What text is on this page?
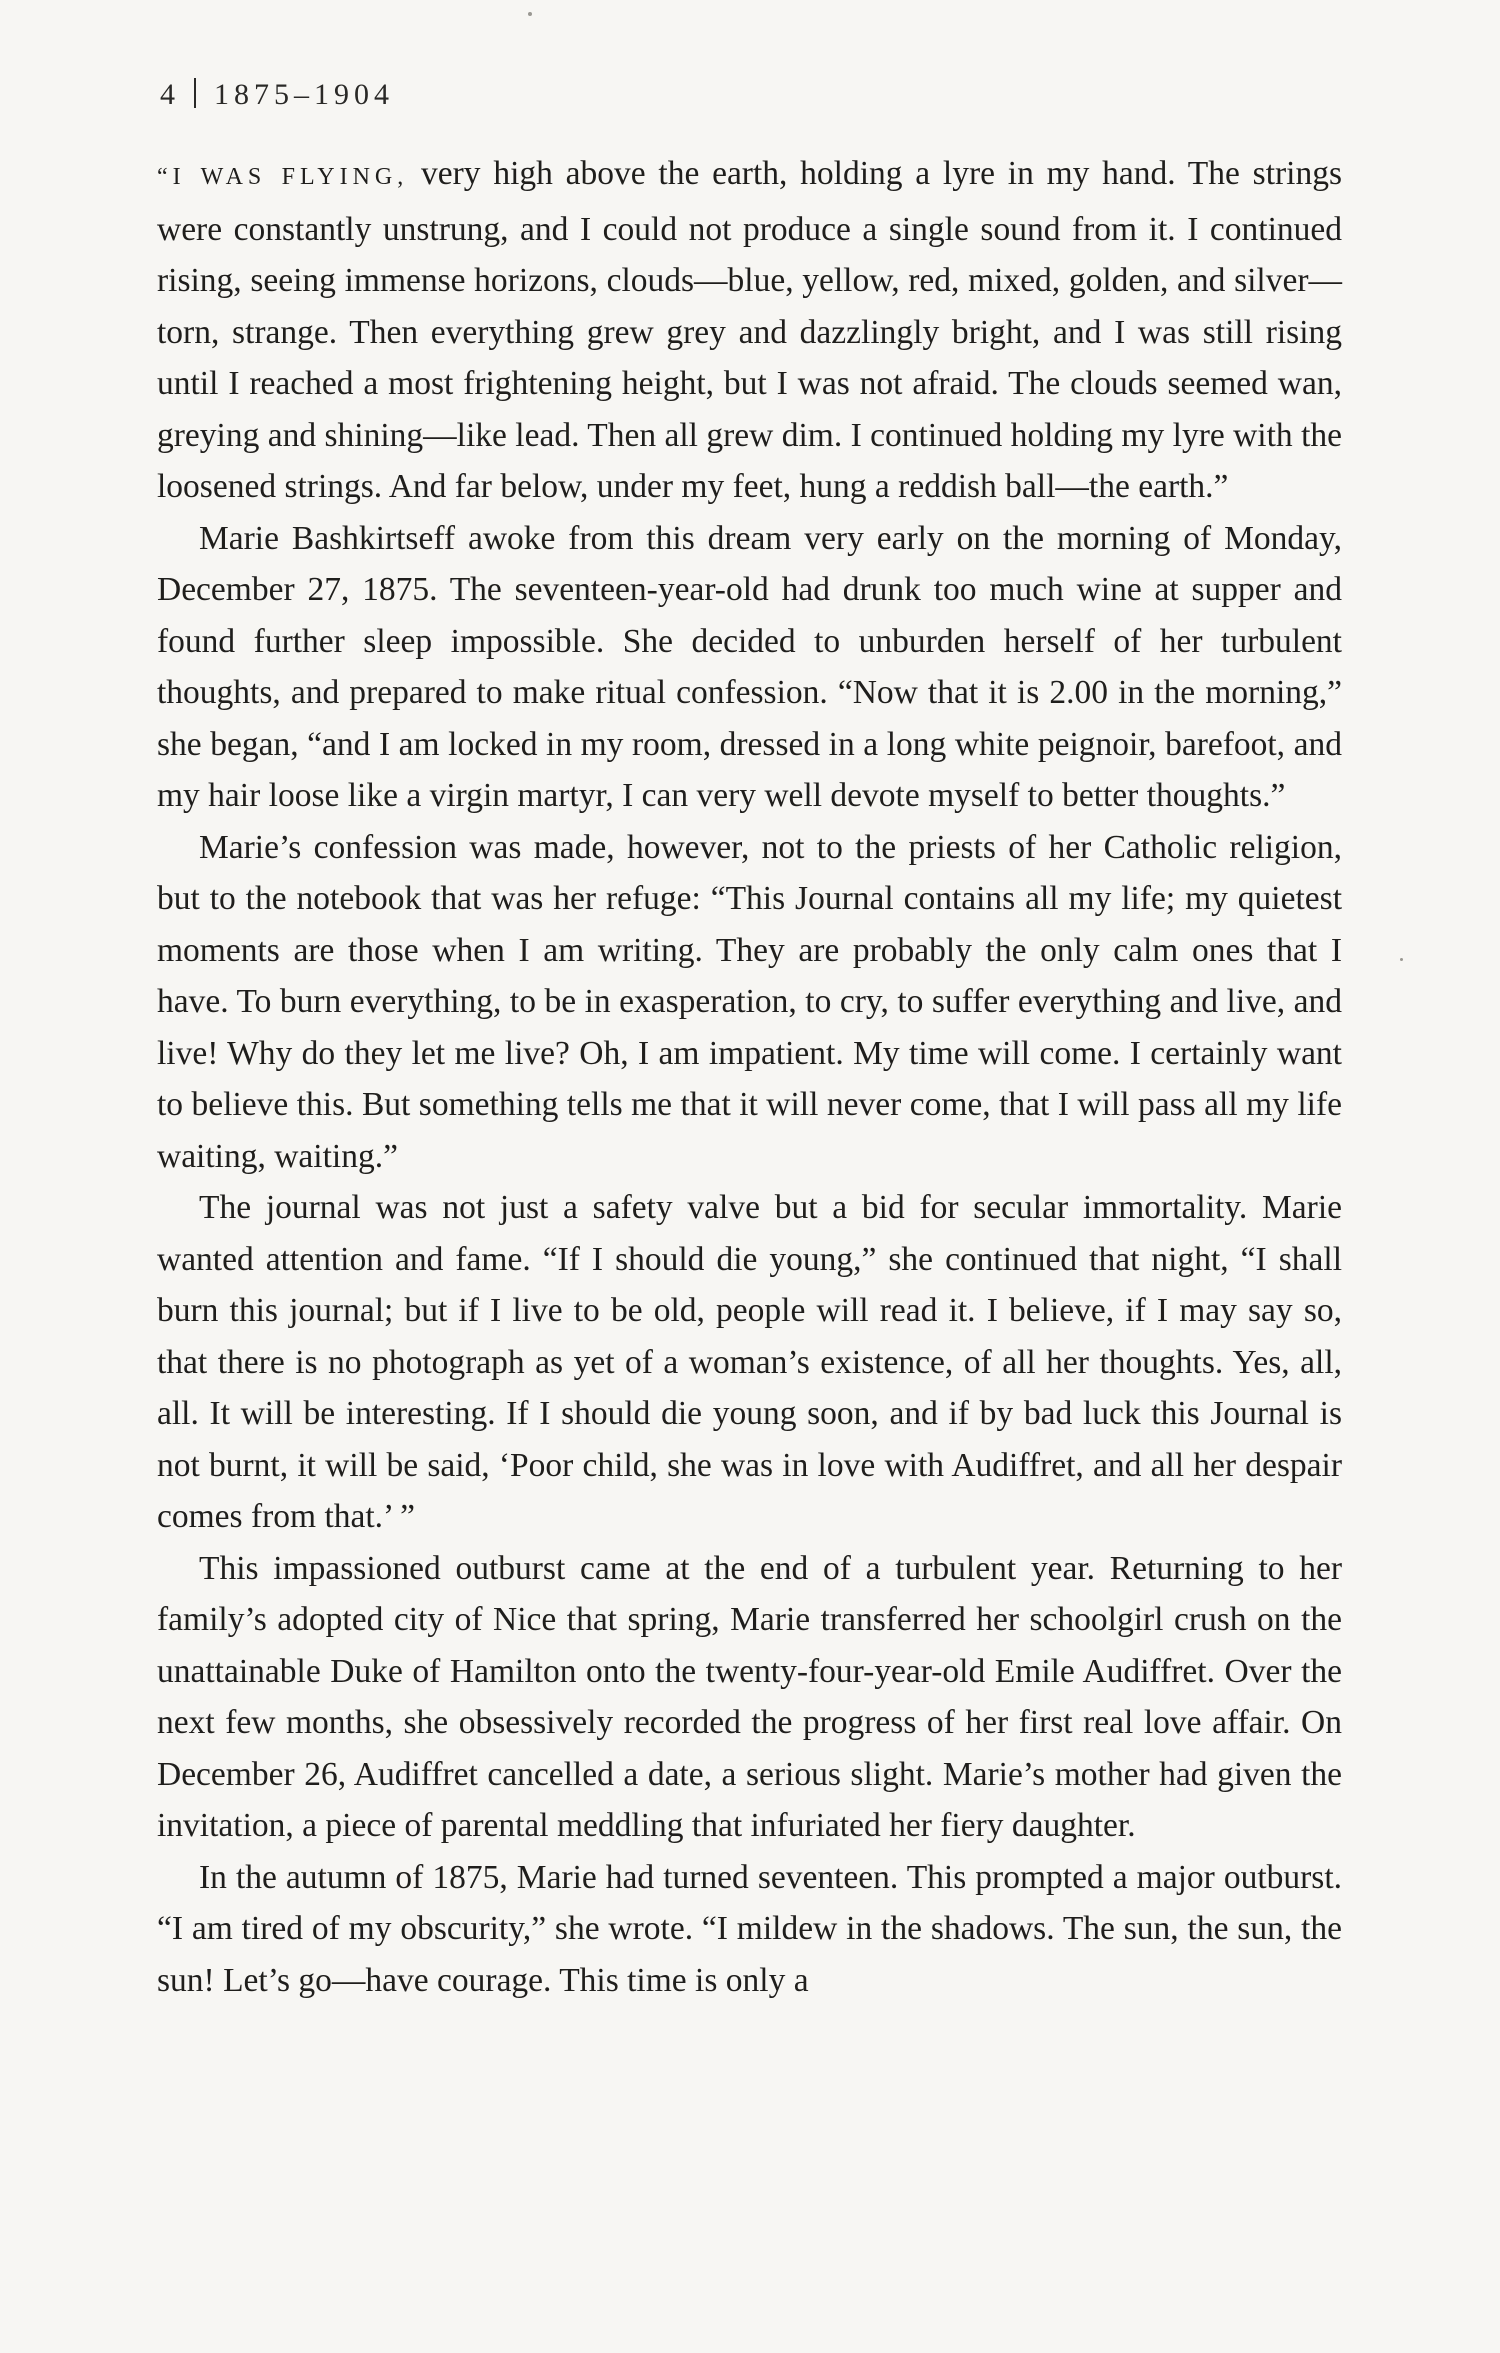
4 1875–1904

“I WAS FLYING, very high above the earth, holding a lyre in my hand. The strings were constantly unstrung, and I could not produce a single sound from it. I continued rising, seeing immense horizons, clouds—blue, yellow, red, mixed, golden, and silver—torn, strange. Then everything grew grey and dazzlingly bright, and I was still rising until I reached a most frightening height, but I was not afraid. The clouds seemed wan, greying and shining—like lead. Then all grew dim. I continued holding my lyre with the loosened strings. And far below, under my feet, hung a reddish ball—the earth.”

Marie Bashkirtseff awoke from this dream very early on the morning of Monday, December 27, 1875. The seventeen-year-old had drunk too much wine at supper and found further sleep impossible. She decided to unburden herself of her turbulent thoughts, and prepared to make ritual confession. “Now that it is 2.00 in the morning,” she began, “and I am locked in my room, dressed in a long white peignoir, barefoot, and my hair loose like a virgin martyr, I can very well devote myself to better thoughts.”

Marie’s confession was made, however, not to the priests of her Catholic religion, but to the notebook that was her refuge: “This Journal contains all my life; my quietest moments are those when I am writing. They are probably the only calm ones that I have. To burn everything, to be in exasperation, to cry, to suffer everything and live, and live! Why do they let me live? Oh, I am impatient. My time will come. I certainly want to believe this. But something tells me that it will never come, that I will pass all my life waiting, waiting.”

The journal was not just a safety valve but a bid for secular immortality. Marie wanted attention and fame. “If I should die young,” she continued that night, “I shall burn this journal; but if I live to be old, people will read it. I believe, if I may say so, that there is no photograph as yet of a woman’s existence, of all her thoughts. Yes, all, all. It will be interesting. If I should die young soon, and if by bad luck this Journal is not burnt, it will be said, ‘Poor child, she was in love with Audiffret, and all her despair comes from that.’ ”

This impassioned outburst came at the end of a turbulent year. Returning to her family’s adopted city of Nice that spring, Marie transferred her schoolgirl crush on the unattainable Duke of Hamilton onto the twenty-four-year-old Emile Audiffret. Over the next few months, she obsessively recorded the progress of her first real love affair. On December 26, Audiffret cancelled a date, a serious slight. Marie’s mother had given the invitation, a piece of parental meddling that infuriated her fiery daughter.

In the autumn of 1875, Marie had turned seventeen. This prompted a major outburst. “I am tired of my obscurity,” she wrote. “I mildew in the shadows. The sun, the sun, the sun! Let’s go—have courage. This time is only a
